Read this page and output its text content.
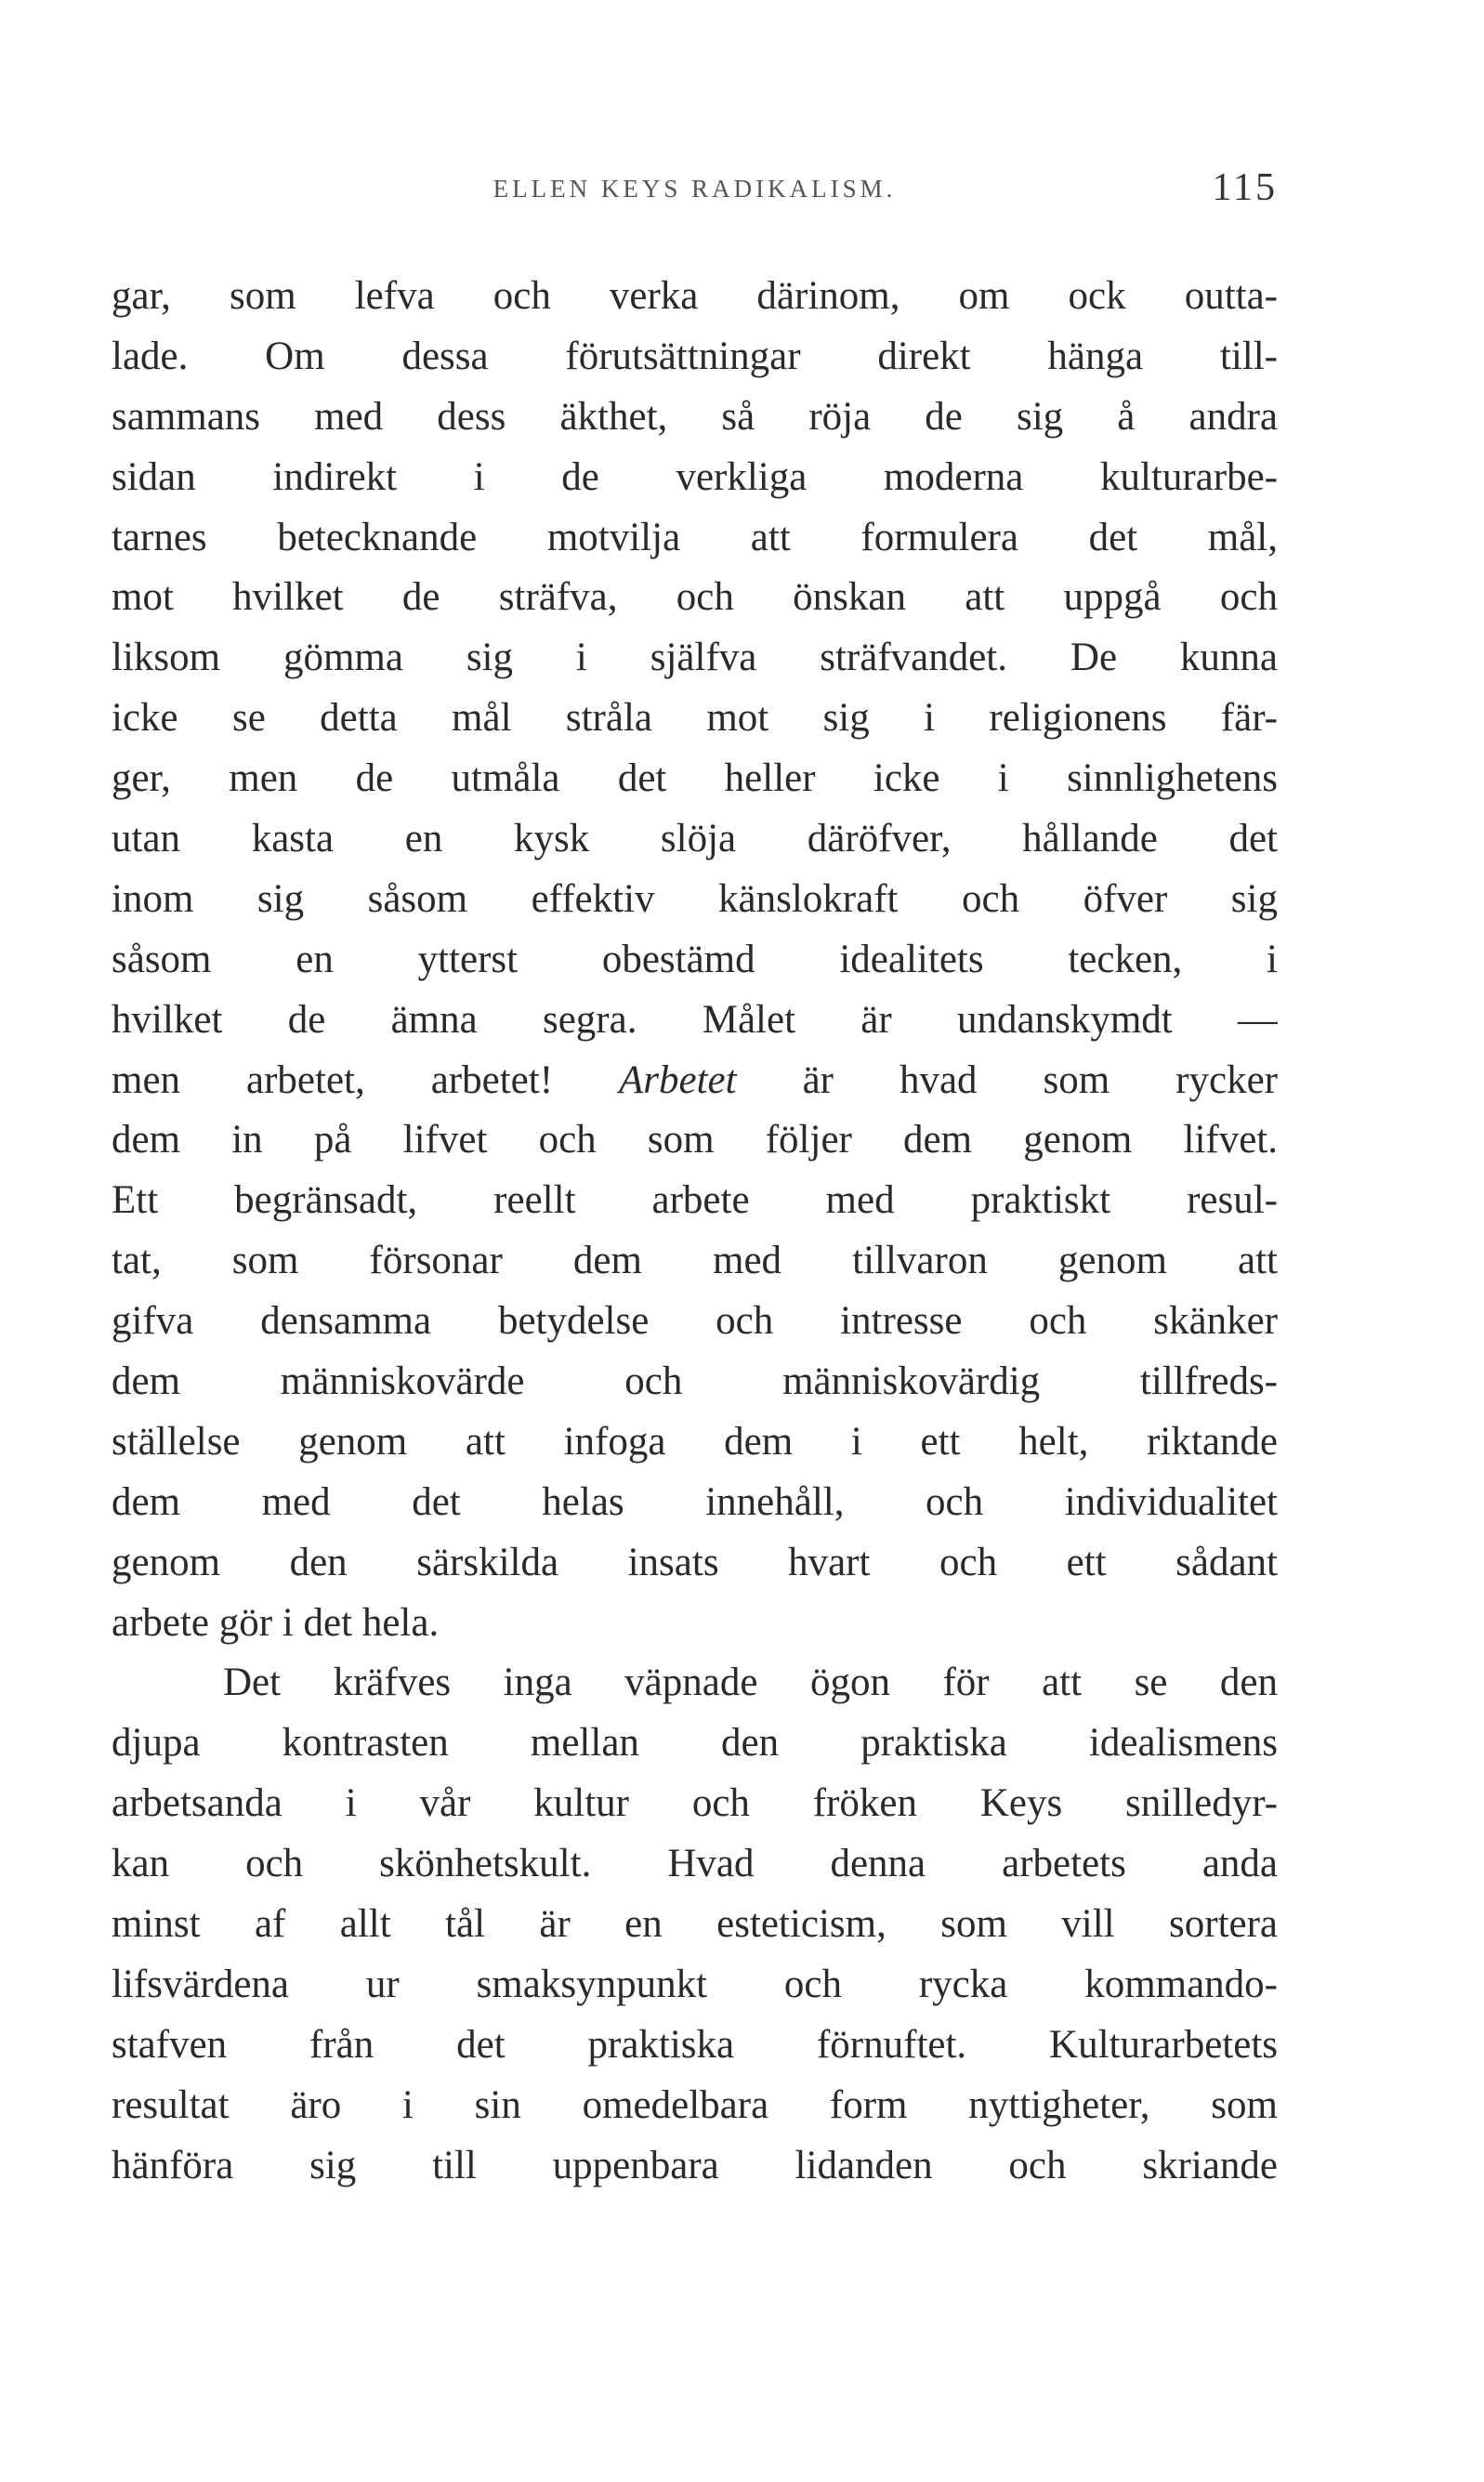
ELLEN KEYS RADIKALISM.	115
gar, som lefva och verka därinom, om ock outta-
lade. Om dessa förutsättningar direkt hänga till-
sammans med dess äkthet, så röja de sig å andra
sidan indirekt i de verkliga moderna kulturarbe-
tarnes betecknande motvilja att formulera det mål,
mot hvilket de sträfva, och önskan att uppgå och
liksom gömma sig i själfva sträfvandet. De kunna
icke se detta mål stråla mot sig i religionens fär-
ger, men de utmåla det heller icke i sinnlighetens
utan kasta en kysk slöja däröfver, hållande det
inom sig såsom effektiv känslokraft och öfver sig
såsom en ytterst obestämd idealitets tecken, i
hvilket de ämna segra. Målet är undanskymdt —
men arbetet, arbetet! Arbetet är hvad som rycker
dem in på lifvet och som följer dem genom lifvet.
Ett begränsadt, reellt arbete med praktiskt resul-
tat, som försonar dem med tillvaron genom att
gifva densamma betydelse och intresse och skänker
dem människovärde och människovärdig tillfreds-
ställelse genom att infoga dem i ett helt, riktande
dem med det helas innehåll, och individualitet
genom den särskilda insats hvart och ett sådant
arbete gör i det hela.
Det kräfves inga väpnade ögon för att se den
djupa kontrasten mellan den praktiska idealismens
arbetsanda i vår kultur och fröken Keys snilledyr-
kan och skönhetskult. Hvad denna arbetets anda
minst af allt tål är en esteticism, som vill sortera
lifsvärdena ur smaksynpunkt och rycka kommando-
stafven från det praktiska förnuftet. Kulturarbetets
resultat äro i sin omedelbara form nyttigheter, som
hänföra sig till uppenbara lidanden och skriande
